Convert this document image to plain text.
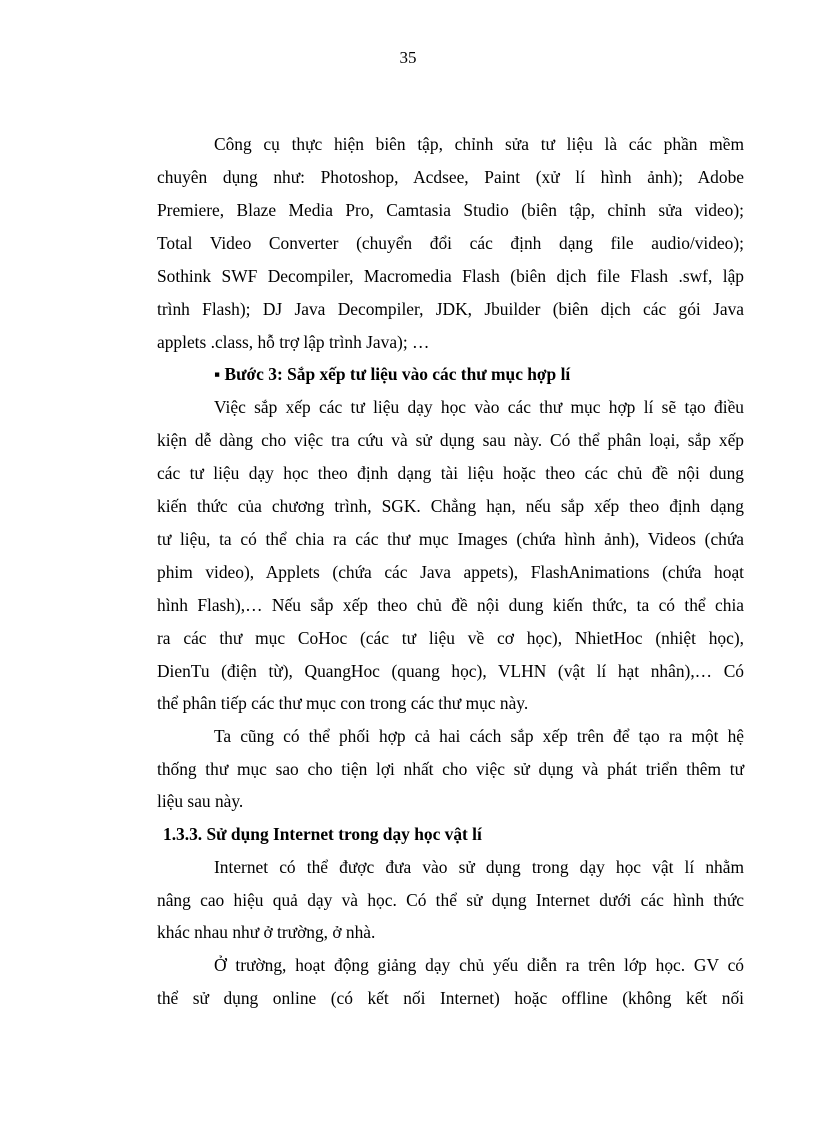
35
Công cụ thực hiện biên tập, chỉnh sửa tư liệu là các phần mềm
chuyên dụng như: Photoshop, Acdsee, Paint (xử lí hình ảnh); Adobe
Premiere, Blaze Media Pro, Camtasia Studio (biên tập, chỉnh sửa video);
Total Video Converter (chuyển đổi các định dạng file audio/video);
Sothink SWF Decompiler, Macromedia Flash (biên dịch file Flash .swf, lập
trình Flash); DJ Java Decompiler, JDK, Jbuilder (biên dịch các gói Java
applets .class, hỗ trợ lập trình Java); …
▪ Bước 3: Sắp xếp tư liệu vào các thư mục hợp lí
Việc sắp xếp các tư liệu dạy học vào các thư mục hợp lí sẽ tạo điều
kiện dễ dàng cho việc tra cứu và sử dụng sau này. Có thể phân loại, sắp xếp
các tư liệu dạy học theo định dạng tài liệu hoặc theo các chủ đề nội dung
kiến thức của chương trình, SGK. Chẳng hạn, nếu sắp xếp theo định dạng
tư liệu, ta có thể chia ra các thư mục Images (chứa hình ảnh), Videos (chứa
phim video), Applets (chứa các Java appets), FlashAnimations (chứa hoạt
hình Flash),… Nếu sắp xếp theo chủ đề nội dung kiến thức, ta có thể chia
ra các thư mục CoHoc (các tư liệu về cơ học), NhietHoc (nhiệt học),
DienTu (điện từ), QuangHoc (quang học), VLHN (vật lí hạt nhân),… Có
thể phân tiếp các thư mục con trong các thư mục này.
Ta cũng có thể phối hợp cả hai cách sắp xếp trên để tạo ra một hệ
thống thư mục sao cho tiện lợi nhất cho việc sử dụng và phát triển thêm tư
liệu sau này.
1.3.3. Sử dụng Internet trong dạy học vật lí
Internet có thể được đưa vào sử dụng trong dạy học vật lí nhằm
nâng cao hiệu quả dạy và học. Có thể sử dụng Internet dưới các hình thức
khác nhau như ở trường, ở nhà.
Ở trường, hoạt động giảng dạy chủ yếu diễn ra trên lớp học. GV có
thể sử dụng online (có kết nối Internet) hoặc offline (không kết nối
